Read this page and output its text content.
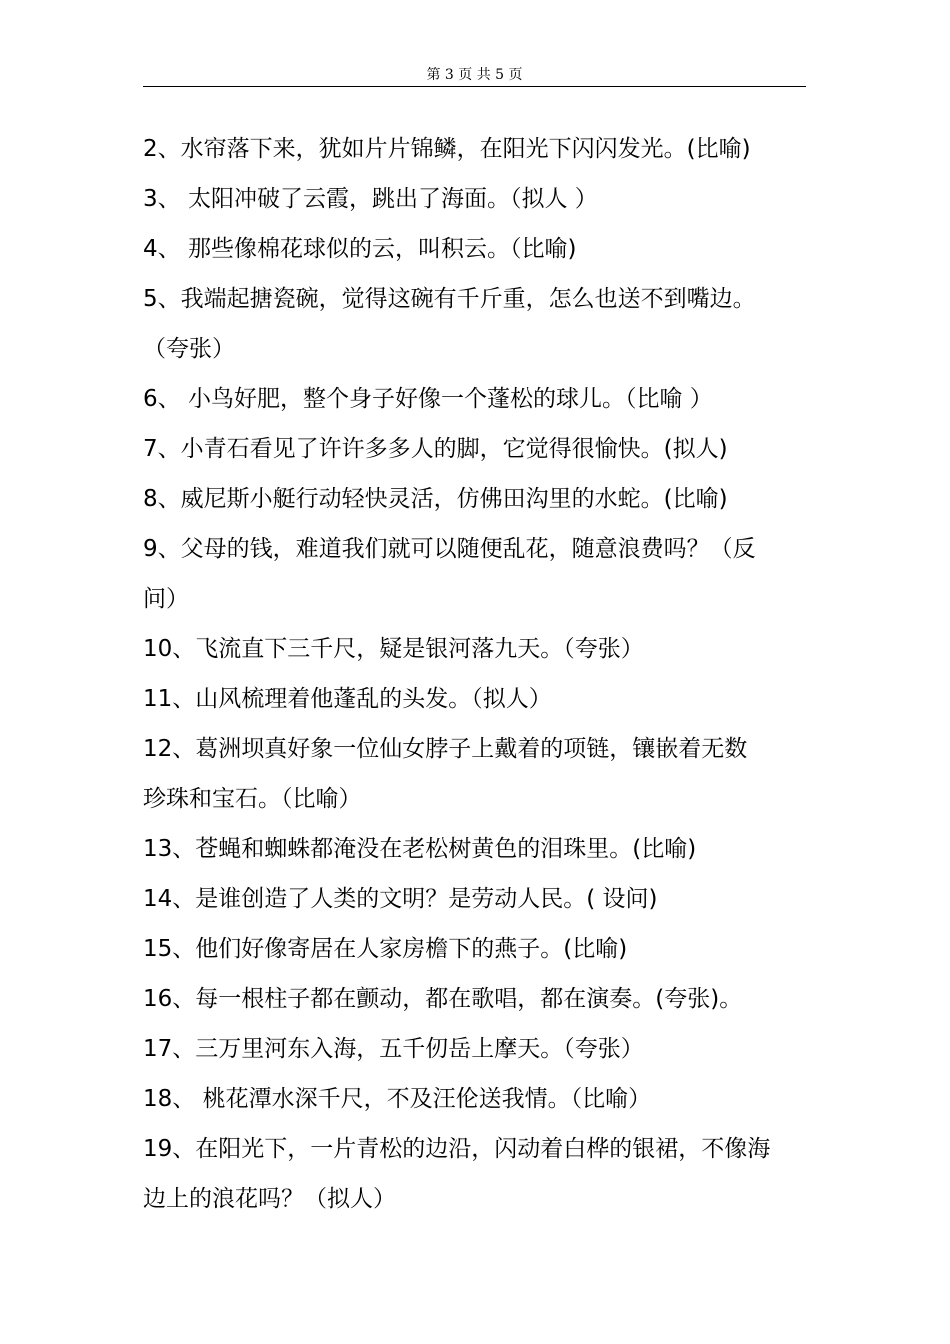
第 3 页 共 5 页
2、水帘落下来，犹如片片锦鳞，在阳光下闪闪发光。(比喻)
3、 太阳冲破了云霞，跳出了海面。（拟人 ）
4、 那些像棉花球似的云，叫积云。（比喻)
5、我端起搪瓷碗，觉得这碗有千斤重，怎么也送不到嘴边。
（夸张）
6、 小鸟好肥，整个身子好像一个蓬松的球儿。（比喻 ）
7、小青石看见了许许多多人的脚，它觉得很愉快。(拟人)
8、威尼斯小艇行动轻快灵活，仿佛田沟里的水蛇。(比喻)
9、父母的钱，难道我们就可以随便乱花，随意浪费吗？（反
问）
10、飞流直下三千尺，疑是银河落九天。（夸张）
11、山风梳理着他蓬乱的头发。（拟人）
12、葛洲坝真好象一位仙女脖子上戴着的项链，镶嵌着无数
珍珠和宝石。（比喻）
13、苍蝇和蜘蛛都淹没在老松树黄色的泪珠里。(比喻)
14、是谁创造了人类的文明？是劳动人民。( 设问)
15、他们好像寄居在人家房檐下的燕子。(比喻)
16、每一根柱子都在颤动，都在歌唱，都在演奏。(夸张)。
17、三万里河东入海，五千仞岳上摩天。（夸张）
18、 桃花潭水深千尺，不及汪伦送我情。（比喻）
19、在阳光下，一片青松的边沿，闪动着白桦的银裙，不像海
边上的浪花吗？（拟人）
